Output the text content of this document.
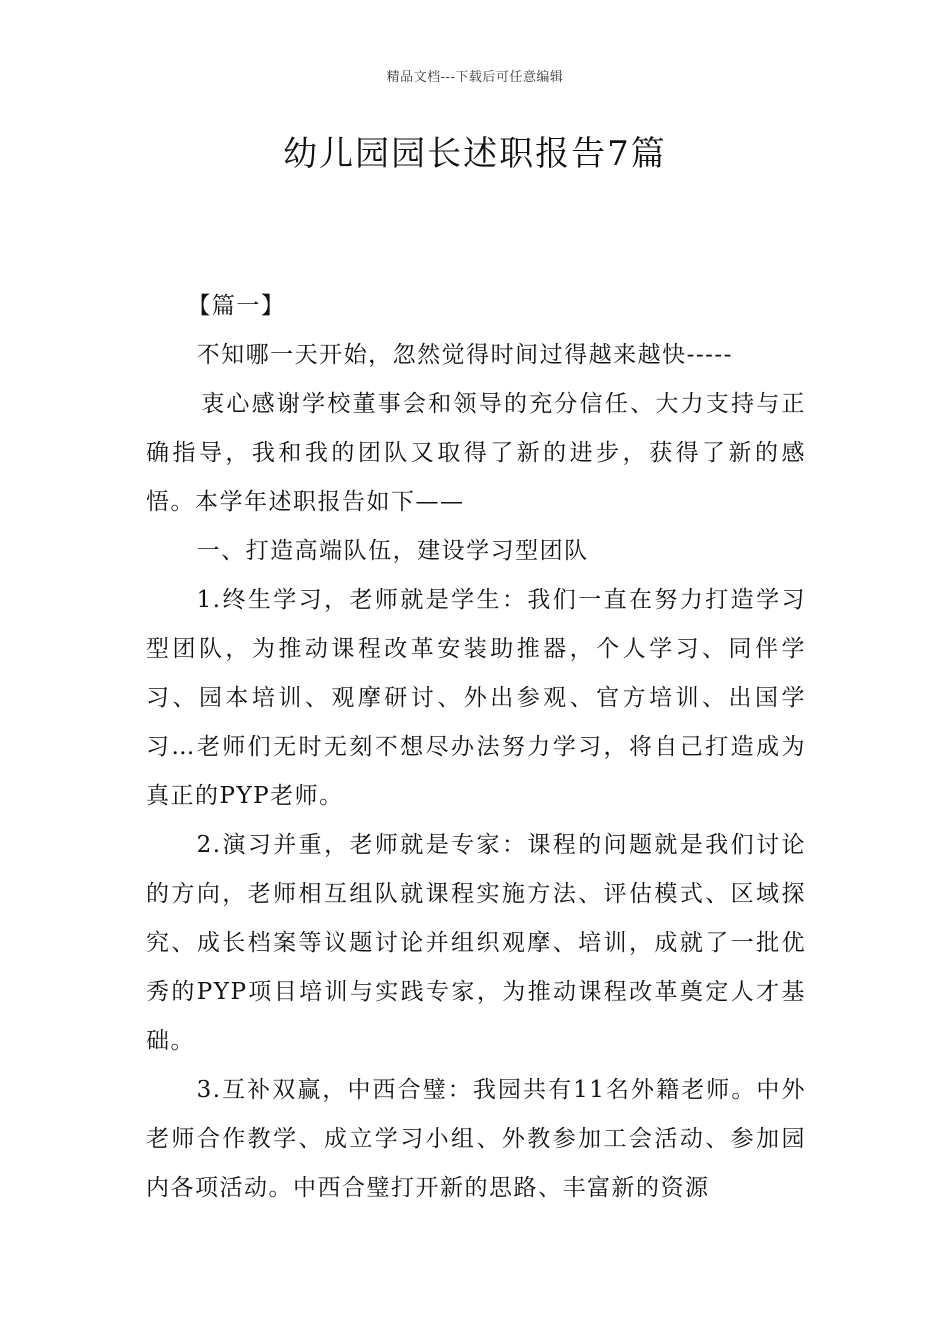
精品文档---下载后可任意编辑
幼儿园园长述职报告7篇

【篇一】

不知哪一天开始，忽然觉得时间过得越来越快-----

衷心感谢学校董事会和领导的充分信任、大力支持与正确指导，我和我的团队又取得了新的进步，获得了新的感悟。本学年述职报告如下——

一、打造高端队伍，建设学习型团队

1.终生学习，老师就是学生：我们一直在努力打造学习型团队，为推动课程改革安装助推器，个人学习、同伴学习、园本培训、观摩研讨、外出参观、官方培训、出国学习…老师们无时无刻不想尽办法努力学习，将自己打造成为真正的PYP老师。

2.演习并重，老师就是专家：课程的问题就是我们讨论的方向，老师相互组队就课程实施方法、评估模式、区域探究、成长档案等议题讨论并组织观摩、培训，成就了一批优秀的PYP项目培训与实践专家，为推动课程改革奠定人才基础。

3.互补双赢，中西合璧：我园共有11名外籍老师。中外老师合作教学、成立学习小组、外教参加工会活动、参加园内各项活动。中西合璧打开新的思路、丰富新的资源
